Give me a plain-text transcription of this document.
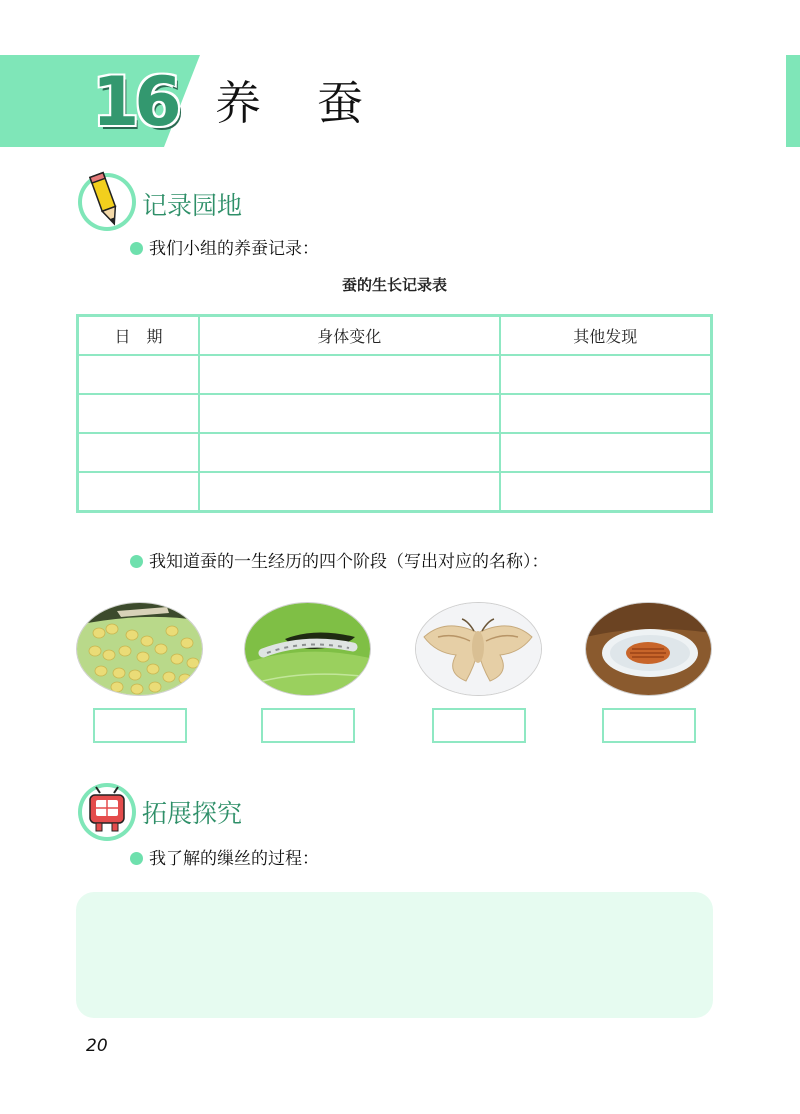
16 养蚕
记录园地
我们小组的养蚕记录：
蚕的生长记录表
日　期	身体变化	其他发现

我知道蚕的一生经历的四个阶段（写出对应的名称）：
拓展探究
我了解的缫丝的过程：
20
